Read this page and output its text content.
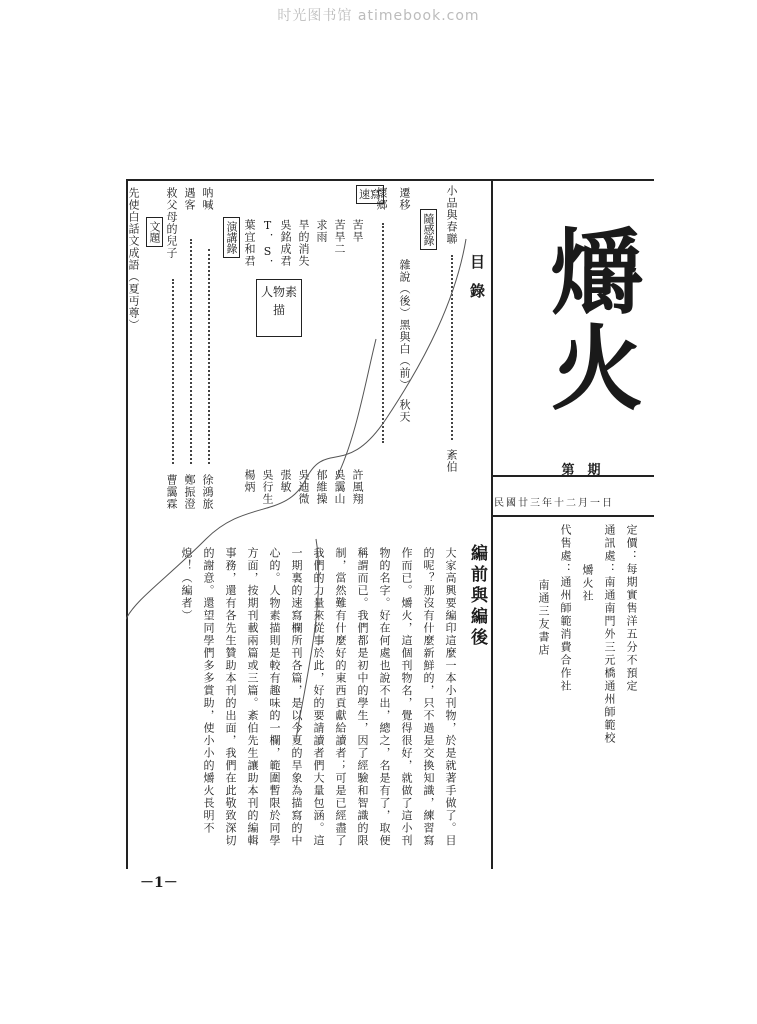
时光图书馆 atimebook.com
爝火
第　期
民國廿三年十二月一日
定價：每期實售洋五分不預定
通訊處：南通南門外三元橋通州師範校
爝火社
代售處：通州師範消費合作社
南通三友書店
編前與編後
大家高興要編印這麼一本小刊物，於是就著手做了。目的呢？那沒有什麼新鮮的，只不過是交換知識，練習寫作而已。爝火，這個刊物名，覺得很好，就做了這小刊物的名字。好在何處也說不出，總之，名是有了，取便稱謂而已。我們都是初中的學生，因了經驗和智識的限制，當然難有什麼好的東西貢獻給讀者；可是已經盡了我們的力量來從事於此，好的要請讀者們大量包涵。這一期裏的速寫欄所刊各篇，是以今夏的旱象為描寫的中心的。人物素描則是較有趣味的一欄，範圍暫限於同學方面，按期刊載兩篇或三篇。紊伯先生讓助本刊的編輯事務，還有各先生贊助本刊的出面，我們在此敬致深切的謝意。還望同學們多多賞助，使小小的爝火長明不熄！（編者）
目錄
小品與春聯
紊伯
隨感錄
遷移
雜說（後）
黑與白（前）
秋天
懷鄉
速寫
苦旱
許風翔
苦旱二
吳靄山
求雨
郁維操
旱的消失
吳迪微
吳銘成君
張敏
T．S．
吳行生
葉宜和君
楊炳
人物素描
演講錄
呐喊
徐鴻旅
遇客
鄭振澄
救父母的兒子
曹靄霖
文題
先使白話文成語（夏丏尊）
－1－
